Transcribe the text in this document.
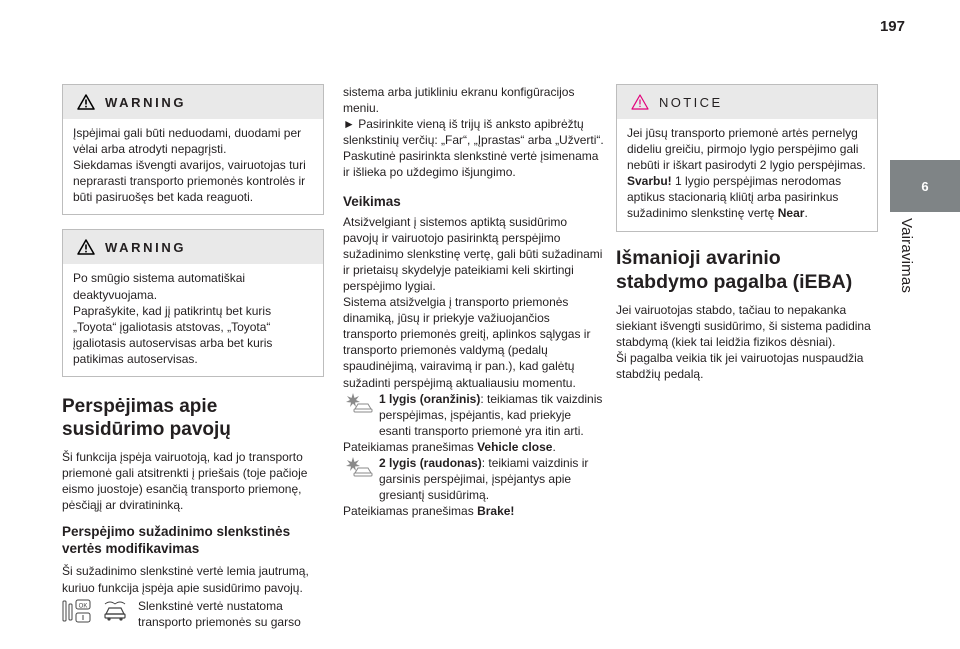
197
6
Vairavimas
WARNING

Įspėjimai gali būti neduodami, duodami per vėlai arba atrodyti nepagrįsti.

Siekdamas išvengti avarijos, vairuotojas turi neprarasti transporto priemonės kontrolės ir būti pasiruošęs bet kada reaguoti.

WARNING

Po smūgio sistema automatiškai deaktyvuojama.

Paprašykite, kad jį patikrintų bet kuris „Toyota“ įgaliotasis atstovas, „Toyota“ įgaliotasis autoservisas arba bet kuris patikimas autoservisas.

Perspėjimas apie susidūrimo pavojų

Ši funkcija įspėja vairuotoją, kad jo transporto priemonė gali atsitrenkti į priešais (toje pačioje eismo juostoje) esančią transporto priemonę, pėsčiąjį ar dviratininką.

Perspėjimo sužadinimo slenkstinės vertės modifikavimas

Ši sužadinimo slenkstinė vertė lemia jautrumą, kuriuo funkcija įspėja apie susidūrimo pavojų.

OK	Slenkstinė vertė nustatoma transporto priemonės su garso

sistema arba jutikliniu ekranu konfigūracijos meniu.

► Pasirinkite vieną iš trijų iš anksto apibrėžtų slenkstinių verčių: „Far“, „Įprastas“ arba „Užverti“.

Paskutinė pasirinkta slenkstinė vertė įsimenama ir išlieka po uždegimo išjungimo.

Veikimas

Atsižvelgiant į sistemos aptiktą susidūrimo pavojų ir vairuotojo pasirinktą perspėjimo sužadinimo slenkstinę vertę, gali būti sužadinami ir prietaisų skydelyje pateikiami keli skirtingi perspėjimo lygiai.

Sistema atsižvelgia į transporto priemonės dinamiką, jūsų ir priekyje važiuojančios transporto priemonės greitį, aplinkos sąlygas ir transporto priemonės valdymą (pedalų spaudinėjimą, vairavimą ir pan.), kad galėtų sužadinti perspėjimą aktualiausiu momentu.

1 lygis (oranžinis): teikiamas tik vaizdinis perspėjimas, įspėjantis, kad priekyje esanti transporto priemonė yra itin arti.

Pateikiamas pranešimas Vehicle close.

2 lygis (raudonas): teikiami vaizdinis ir garsinis perspėjimai, įspėjantys apie gresiantį susidūrimą.

Pateikiamas pranešimas Brake!

NOTICE

Jei jūsų transporto priemonė artės pernelyg dideliu greičiu, pirmojo lygio perspėjimo gali nebūti ir iškart pasirodyti 2 lygio perspėjimas.

Svarbu! 1 lygio perspėjimas nerodomas aptikus stacionarią kliūtį arba pasirinkus sužadinimo slenkstinę vertę Near.

Išmanioji avarinio stabdymo pagalba (iEBA)

Jei vairuotojas stabdo, tačiau to nepakanka siekiant išvengti susidūrimo, ši sistema padidina stabdymą (kiek tai leidžia fizikos dėsniai).

Ši pagalba veikia tik jei vairuotojas nuspaudžia stabdžių pedalą.
